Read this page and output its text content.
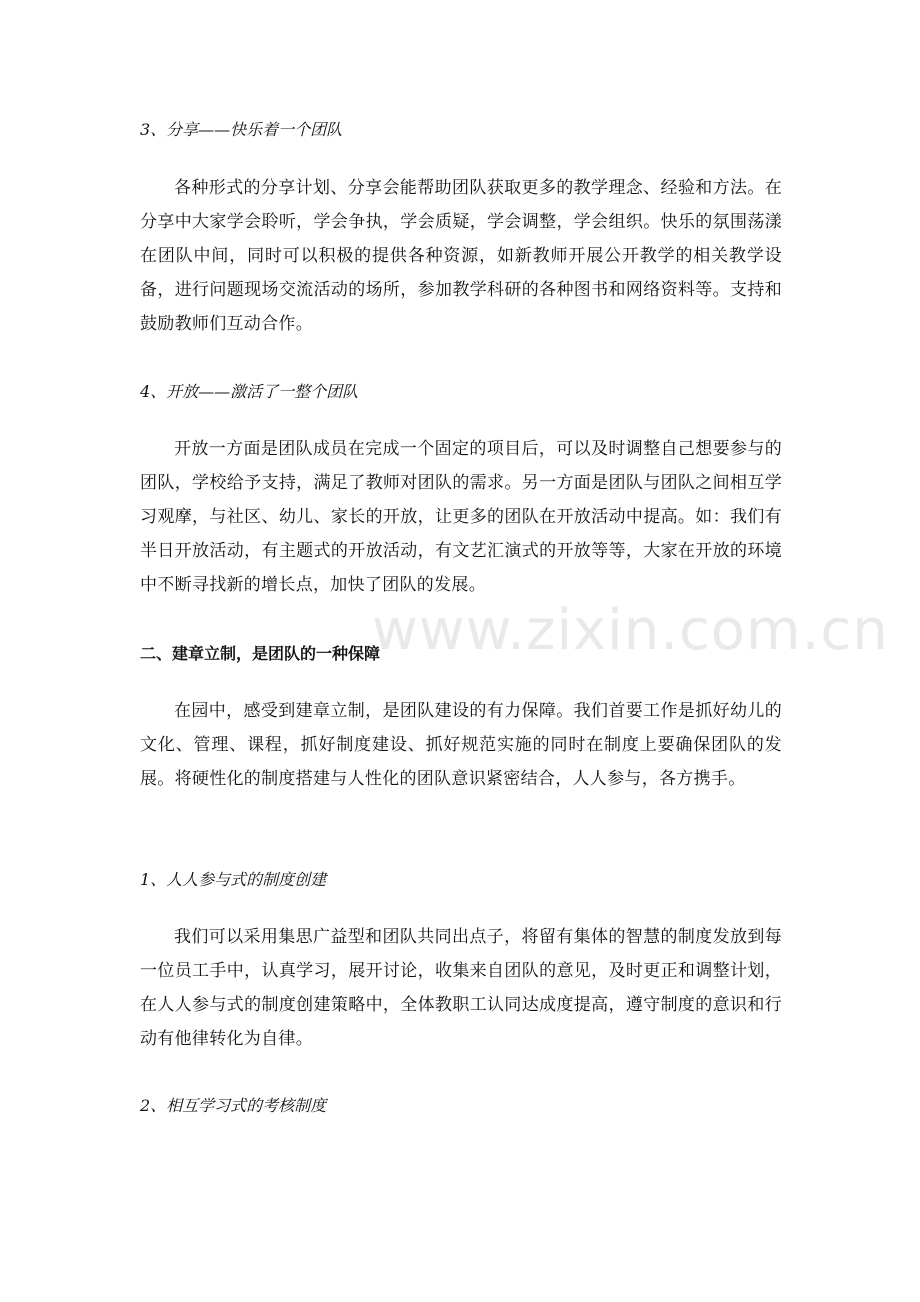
www.zixin.com.cn
3、分享——快乐着一个团队
各种形式的分享计划、分享会能帮助团队获取更多的教学理念、经验和方法。在分享中大家学会聆听，学会争执，学会质疑，学会调整，学会组织。快乐的氛围荡漾在团队中间，同时可以积极的提供各种资源，如新教师开展公开教学的相关教学设备，进行问题现场交流活动的场所，参加教学科研的各种图书和网络资料等。支持和鼓励教师们互动合作。
4、开放——激活了一整个团队
开放一方面是团队成员在完成一个固定的项目后，可以及时调整自己想要参与的团队，学校给予支持，满足了教师对团队的需求。另一方面是团队与团队之间相互学习观摩，与社区、幼儿、家长的开放，让更多的团队在开放活动中提高。如：我们有半日开放活动，有主题式的开放活动，有文艺汇演式的开放等等，大家在开放的环境中不断寻找新的增长点，加快了团队的发展。
二、建章立制，是团队的一种保障
在园中，感受到建章立制，是团队建设的有力保障。我们首要工作是抓好幼儿的文化、管理、课程，抓好制度建设、抓好规范实施的同时在制度上要确保团队的发展。将硬性化的制度搭建与人性化的团队意识紧密结合，人人参与，各方携手。
1、人人参与式的制度创建
我们可以采用集思广益型和团队共同出点子，将留有集体的智慧的制度发放到每一位员工手中，认真学习，展开讨论，收集来自团队的意见，及时更正和调整计划，在人人参与式的制度创建策略中，全体教职工认同达成度提高，遵守制度的意识和行动有他律转化为自律。
2、相互学习式的考核制度
